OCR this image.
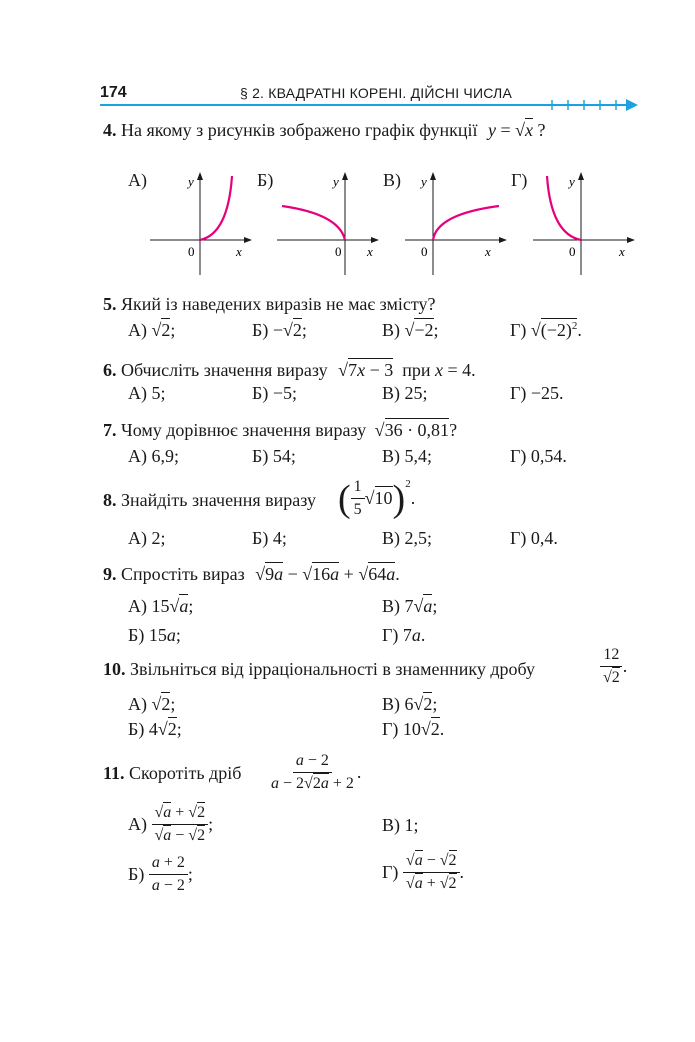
174	§ 2. КВАДРАТНІ КОРЕНІ. ДІЙСНІ ЧИСЛА
4. На якому з рисунків зображено графік функції y = √x ?
А)	y
x
0
Б)	y
x
0
В) y
x
0
Г)	y
x
0
5. Який із наведених виразів не має змісту?
А) √2;	Б) −√2;	В) √−2;	Г) $√(-2)^2$.
6. Обчисліть значення виразу √7x − 3  при x = 4.
А) 5;	Б) −5;	В) 25;	Г) −25.
7. Чому дорівнює значення виразу √36 · 0,81?
А) 6,9;	Б) 54;	В) 5,4;	Г) 0,54.
8. Знайдіть значення виразу ( $\frac{1}{5} √10$ ) 2
.
А) 2;	Б) 4;	В) 2,5;	Г) 0,4.
9. Спростіть вираз √9a − √16a + √64a.
А) 15√a;	В) 7√a;
Б) 15a;	Г) 7a.
10. Звільніться від ірраціональності в знаменнику дробу	$\frac{12}{√2}$ .
А) √2;	В) 6√2;
Б) 4√2;	Г) 10√2.
11. Скоротіть дріб $\frac{a - 2}{a - 2√2a + 2}$ .
$А) \frac{√a + √2}{√a - √2}$ ;	В) 1;
$Б) \frac{a + 2}{a - 2}$ ;	$Г) \frac{√a - √2}{√a + √2}$ .
